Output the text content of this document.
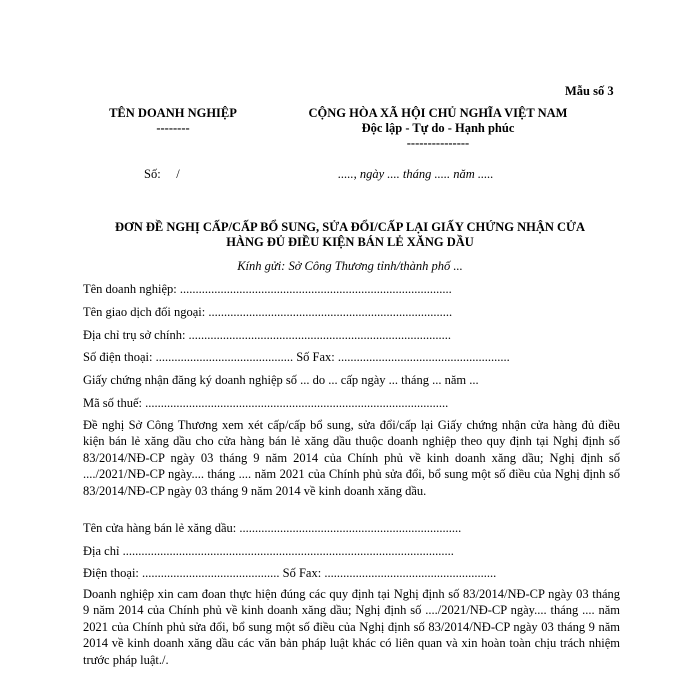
Mẫu số 3
TÊN DOANH NGHIỆP
--------
CỘNG HÒA XÃ HỘI CHỦ NGHĨA VIỆT NAM
Độc lập - Tự do - Hạnh phúc
---------------
Số:     /	....., ngày .... tháng ..... năm .....
ĐƠN ĐỀ NGHỊ CẤP/CẤP BỔ SUNG, SỬA ĐỔI/CẤP LẠI GIẤY CHỨNG NHẬN CỬA
HÀNG ĐỦ ĐIỀU KIỆN BÁN LẺ XĂNG DẦU
Kính gửi: Sở Công Thương tỉnh/thành phố ...
Tên doanh nghiệp: .......................................................................................
Tên giao dịch đối ngoại: ..............................................................................
Địa chỉ trụ sở chính: ....................................................................................
Số điện thoại: ............................................ Số Fax: .......................................................
Giấy chứng nhận đăng ký doanh nghiệp số ... do ... cấp ngày ... tháng ... năm ...
Mã số thuế: .................................................................................................
Đề nghị Sở Công Thương xem xét cấp/cấp bổ sung, sửa đổi/cấp lại Giấy chứng nhận cửa hàng đủ điều kiện bán lẻ xăng dầu cho cửa hàng bán lẻ xăng dầu thuộc doanh nghiệp theo quy định tại Nghị định số 83/2014/NĐ-CP ngày 03 tháng 9 năm 2014 của Chính phủ về kinh doanh xăng dầu; Nghị định số ..../2021/NĐ-CP ngày.... tháng .... năm 2021 của Chính phủ sửa đổi, bổ sung một số điều của Nghị định số 83/2014/NĐ-CP ngày 03 tháng 9 năm 2014 về kinh doanh xăng dầu.
Tên cửa hàng bán lẻ xăng dầu: .......................................................................
Địa chỉ ..........................................................................................................
Điện thoại: ............................................ Số Fax: .......................................................
Doanh nghiệp xin cam đoan thực hiện đúng các quy định tại Nghị định số 83/2014/NĐ-CP ngày 03 tháng 9 năm 2014 của Chính phủ về kinh doanh xăng dầu; Nghị định số ..../2021/NĐ-CP ngày.... tháng .... năm 2021 của Chính phủ sửa đổi, bổ sung một số điều của Nghị định số 83/2014/NĐ-CP ngày 03 tháng 9 năm 2014 về kinh doanh xăng dầu các văn bản pháp luật khác có liên quan và xin hoàn toàn chịu trách nhiệm trước pháp luật./.
